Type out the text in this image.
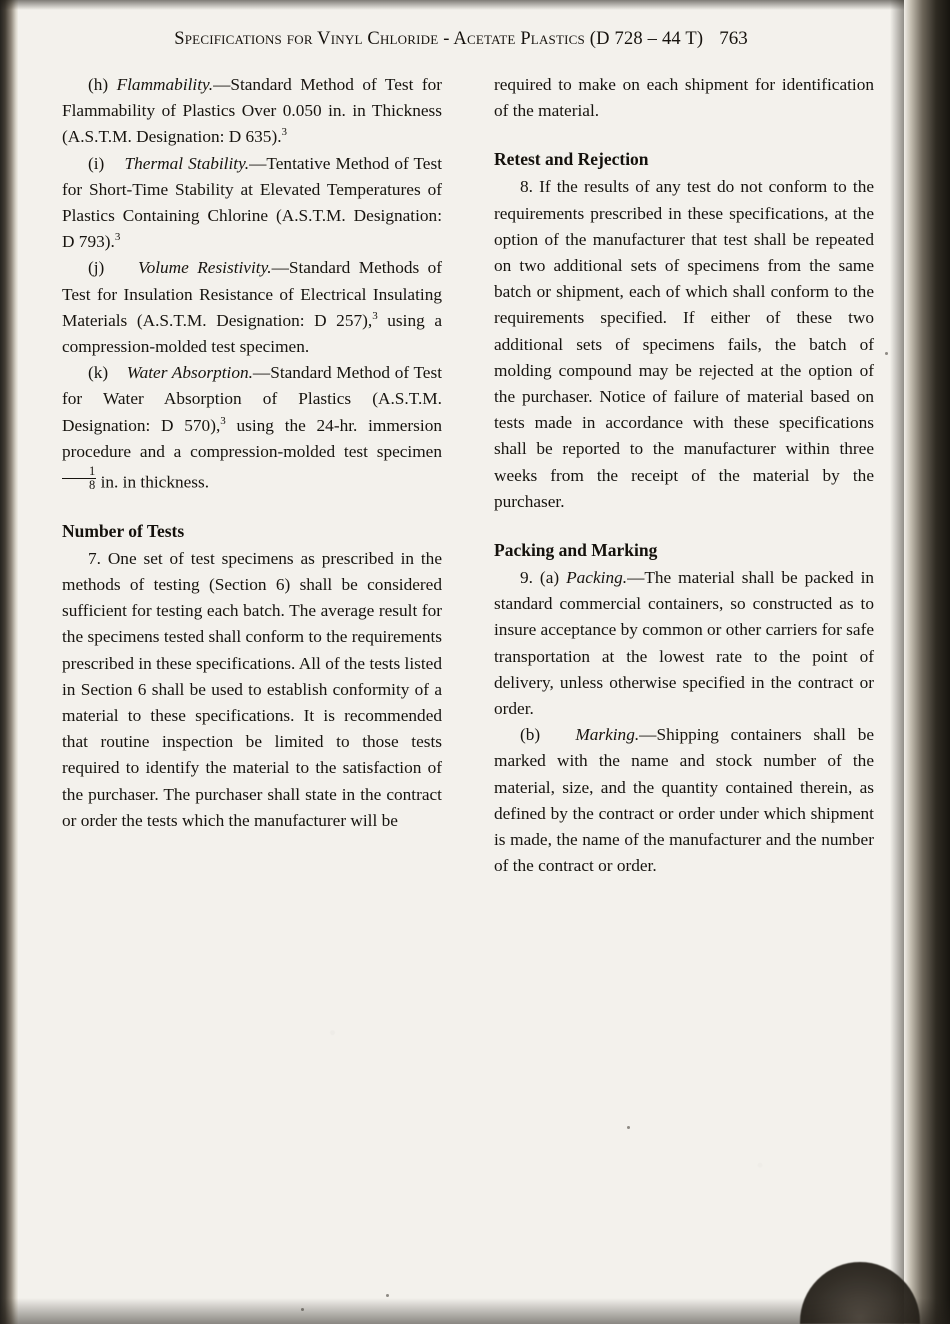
Specifications for Vinyl Chloride - Acetate Plastics (D 728 – 44 T) 763

(h) Flammability.—Standard Method of Test for Flammability of Plastics Over 0.050 in. in Thickness (A.S.T.M. Designation: D 635).$^3$

(i) Thermal Stability.—Tentative Method of Test for Short-Time Stability at Elevated Temperatures of Plastics Containing Chlorine (A.S.T.M. Designation: D 793).$^3$

(j) Volume Resistivity.—Standard Methods of Test for Insulation Resistance of Electrical Insulating Materials (A.S.T.M. Designation: D 257),$^3$ using a compression-molded test specimen.

(k) Water Absorption.—Standard Method of Test for Water Absorption of Plastics (A.S.T.M. Designation: D 570),$^3$ using the 24-hr. immersion procedure and a compression-molded test specimen
$\frac{1}{8}$ in. in thickness.

Number of Tests

7. One set of test specimens as prescribed in the methods of testing (Section 6) shall be considered sufficient for testing each batch. The average result for the specimens tested shall conform to the requirements prescribed in these specifications. All of the tests listed in Section 6 shall be used to establish conformity of a material to these specifications. It is recommended that routine inspection be limited to those tests required to identify the material to the satisfaction of the purchaser. The purchaser shall state in the contract or order the tests which the manufacturer will be

required to make on each shipment for identification of the material.

Retest and Rejection

8. If the results of any test do not conform to the requirements prescribed in these specifications, at the option of the manufacturer that test shall be repeated on two additional sets of specimens from the same batch or shipment, each of which shall conform to the requirements specified. If either of these two additional sets of specimens fails, the batch of molding compound may be rejected at the option of the purchaser. Notice of failure of material based on tests made in accordance with these specifications shall be reported to the manufacturer within three weeks from the receipt of the material by the purchaser.

Packing and Marking

9. (a) Packing.—The material shall be packed in standard commercial containers, so constructed as to insure acceptance by common or other carriers for safe transportation at the lowest rate to the point of delivery, unless otherwise specified in the contract or order.

(b) Marking.—Shipping containers shall be marked with the name and stock number of the material, size, and the quantity contained therein, as defined by the contract or order under which shipment is made, the name of the manufacturer and the number of the contract or order.
